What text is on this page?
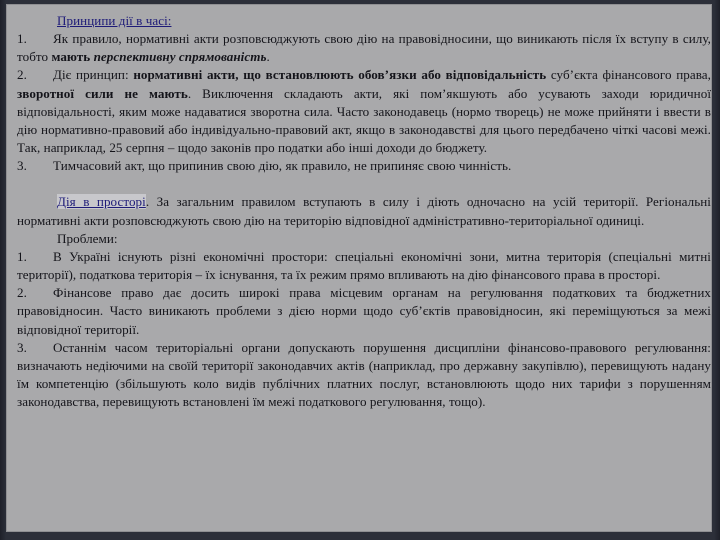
Принципи дії в часі:

1. Як правило, нормативні акти розповсюджують свою дію на правовідносини, що виникають після їх вступу в силу, тобто мають перспективну спрямованість.

2. Діє принцип: нормативні акти, що встановлюють обов’язки або відповідальність суб’єкта фінансового права, зворотної сили не мають. Виключення складають акти, які пом’якшують або усувають заходи юридичної відповідальності, яким може надаватися зворотна сила. Часто законодавець (нормо творець) не може прийняти і ввести в дію нормативно-правовий або індивідуально-правовий акт, якщо в законодавстві для цього передбачено чіткі часові межі. Так, наприклад, 25 серпня – щодо законів про податки або інші доходи до бюджету.

3. Тимчасовий акт, що припинив свою дію, як правило, не припиняє свою чинність.

Дія в просторі. За загальним правилом вступають в силу і діють одночасно на усій території. Регіональні нормативні акти розповсюджують свою дію на територію відповідної адміністративно-територіальної одиниці.

Проблеми:

1. В Україні існують різні економічні простори: спеціальні економічні зони, митна територія (спеціальні митні території), податкова територія – їх існування, та їх режим прямо впливають на дію фінансового права в просторі.

2. Фінансове право дає досить широкі права місцевим органам на регулювання податкових та бюджетних правовідносин. Часто виникають проблеми з дією норми щодо суб’єктів правовідносин, які переміщуються за межі відповідної території.

3. Останнім часом територіальні органи допускають порушення дисципліни фінансово-правового регулювання: визначають недіючими на своїй території законодавчих актів (наприклад, про державну закупівлю), перевищують надану їм компетенцію (збільшують коло видів публічних платних послуг, встановлюють щодо них тарифи з порушенням законодавства, перевищують встановлені їм межі податкового регулювання, тощо).
